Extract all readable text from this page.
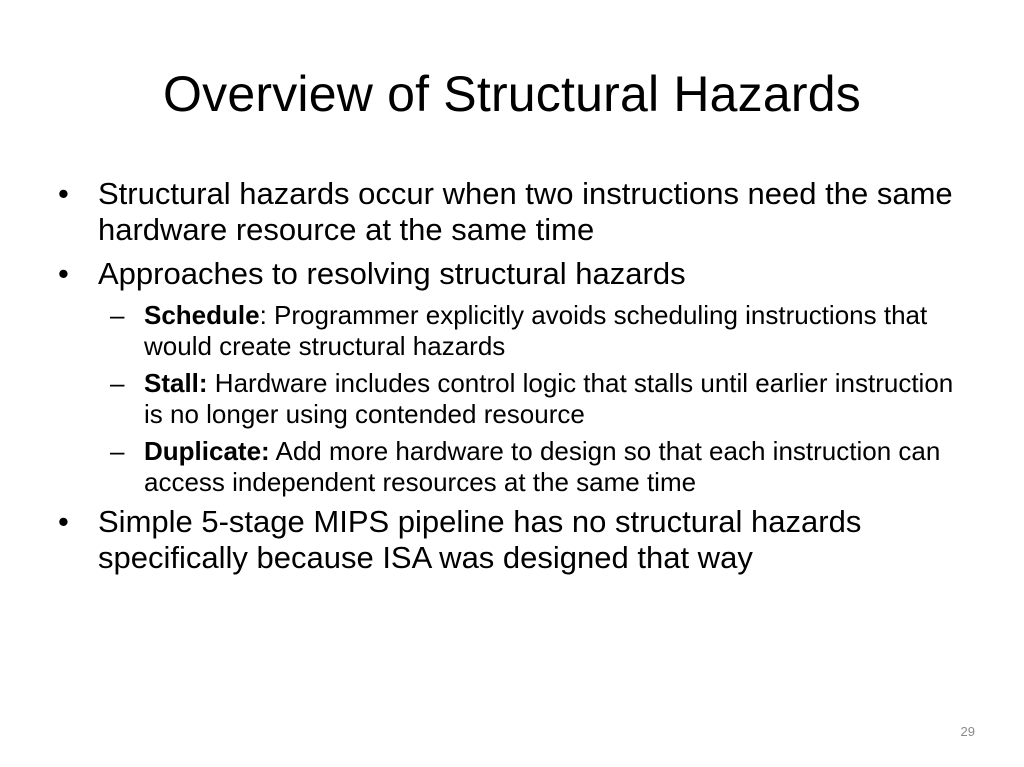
Overview of Structural Hazards
• Structural hazards occur when two instructions need the same hardware resource at the same time
• Approaches to resolving structural hazards
– Schedule: Programmer explicitly avoids scheduling instructions that would create structural hazards
– Stall: Hardware includes control logic that stalls until earlier instruction is no longer using contended resource
– Duplicate: Add more hardware to design so that each instruction can access independent resources at the same time
• Simple 5-stage MIPS pipeline has no structural hazards specifically because ISA was designed that way
29
